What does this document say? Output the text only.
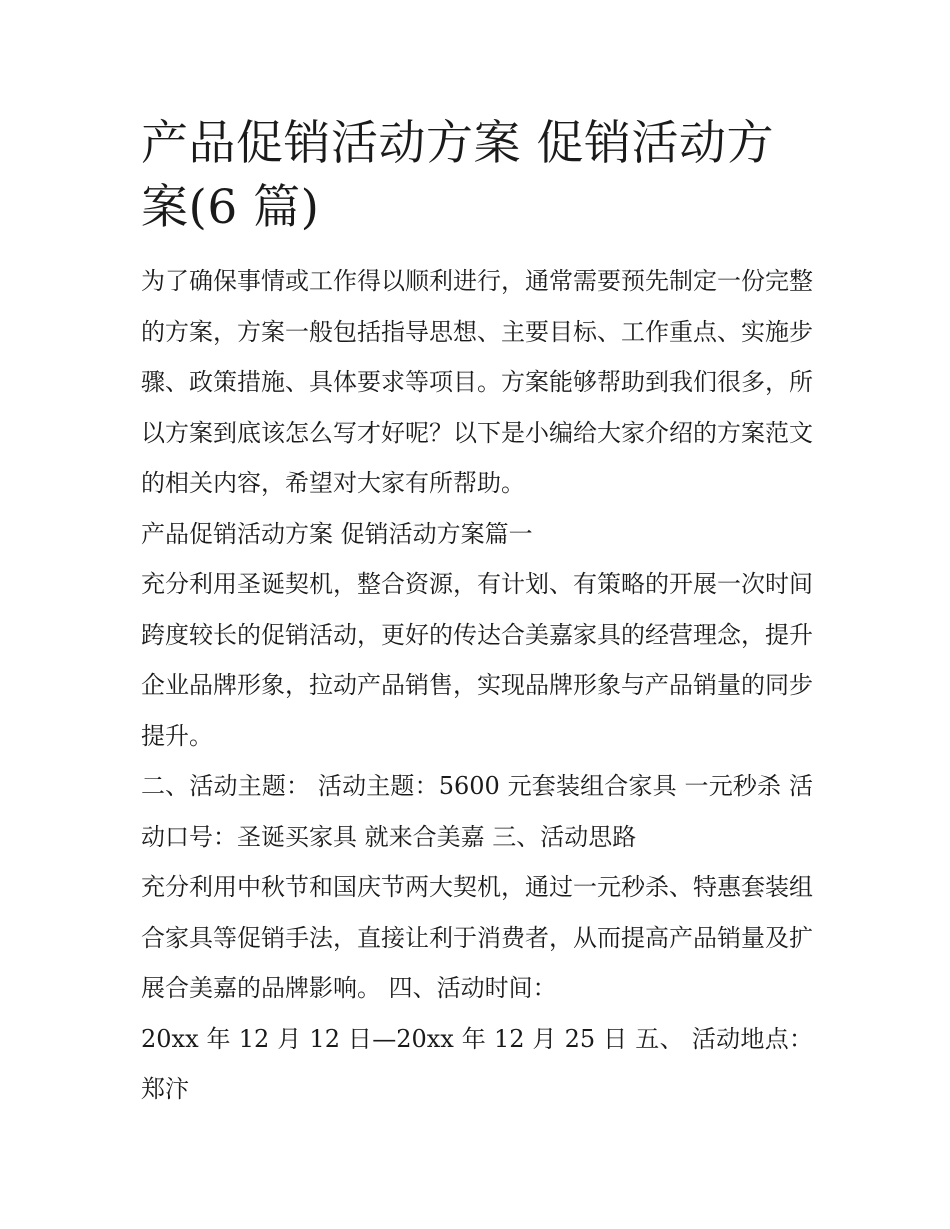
产品促销活动方案 促销活动方案(6 篇)

为了确保事情或工作得以顺利进行，通常需要预先制定一份完整的方案，方案一般包括指导思想、主要目标、工作重点、实施步骤、政策措施、具体要求等项目。方案能够帮助到我们很多，所以方案到底该怎么写才好呢？以下是小编给大家介绍的方案范文的相关内容，希望对大家有所帮助。

产品促销活动方案 促销活动方案篇一

充分利用圣诞契机，整合资源，有计划、有策略的开展一次时间跨度较长的促销活动，更好的传达合美嘉家具的经营理念，提升企业品牌形象，拉动产品销售，实现品牌形象与产品销量的同步提升。

二、活动主题： 活动主题：5600 元套装组合家具 一元秒杀 活动口号：圣诞买家具 就来合美嘉 三、活动思路

充分利用中秋节和国庆节两大契机，通过一元秒杀、特惠套装组合家具等促销手法，直接让利于消费者，从而提高产品销量及扩展合美嘉的品牌影响。 四、活动时间：

20xx 年 12 月 12 日—20xx 年 12 月 25 日 五、 活动地点： 郑汴
